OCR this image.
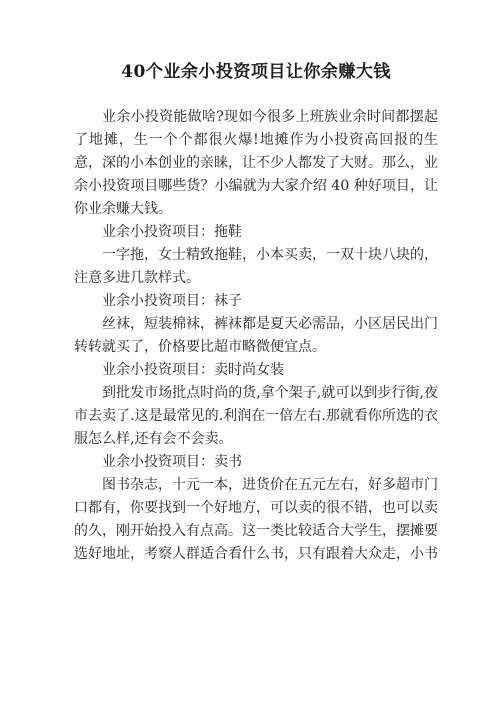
40个业余小投资项目让你余赚大钱

业余小投资能做啥?现如今很多上班族业余时间都摆起了地摊，生一个个都很火爆!地摊作为小投资高回报的生意，深的小本创业的亲睐，让不少人都发了大财。那么，业余小投资项目哪些货？小编就为大家介绍 40 种好项目，让你业余赚大钱。

业余小投资项目：拖鞋

一字拖，女士精致拖鞋，小本买卖，一双十块八块的，注意多进几款样式。

业余小投资项目：袜子

丝袜，短装棉袜，裤袜都是夏天必需品，小区居民出门转转就买了，价格要比超市略微便宜点。

业余小投资项目：卖时尚女装

到批发市场批点时尚的货,拿个架子,就可以到步行街,夜市去卖了.这是最常见的.利润在一倍左右.那就看你所选的衣服怎么样,还有会不会卖。

业余小投资项目：卖书

图书杂志，十元一本，进货价在五元左右，好多超市门口都有，你要找到一个好地方，可以卖的很不错，也可以卖的久，刚开始投入有点高。这一类比较适合大学生，摆摊要选好地址，考察人群适合看什么书，只有跟着大众走，小书
